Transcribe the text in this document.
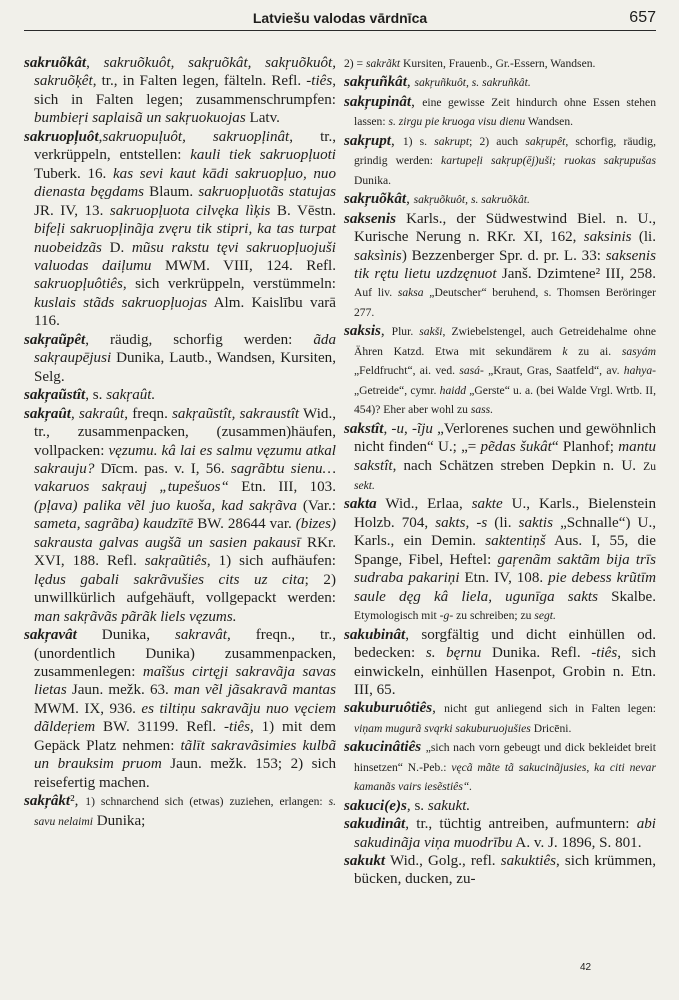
Latviešu valodas vārdnīca	657

sakruõkât, sakruõkuôt, sakŗuõkât, sakŗuõkuôt, sakruõķêt, tr., in Falten legen, fälteln. Refl. -tiês, sich in Falten legen; zusammenschrumpfen: bumbieŗi saplaisã un sakŗuokuojas Latv.

sakruopļuôt,sakruopuļuôt, sakruopļinât, tr., verkrüppeln, entstellen: kauli tiek sakruopļuoti Tuberk. 16. kas sevi kaut kādi sakruopļuo, nuo dienasta bęgdams Blaum. sakruopļuotãs statujas JR. IV, 13. sakruopļuota cilvęka lìķis B. Vēstn. bifeļi sakruopļinãja zvęru tik stipri, ka tas turpat nuobeidzãs D. mũsu rakstu tęvi sakruopļuojuši valuodas daiļumu MWM. VIII, 124. Refl. sakruopļuôtiês, sich verkrüppeln, verstümmeln: kuslais stãds sakruopļuojas Alm. Kaislību varā 116.

sakŗaũpêt, räudig, schorfig werden: ãda sakŗaupējusi Dunika, Lautb., Wandsen, Kursiten, Selg.

sakŗaũstît, s. sakŗaût.

sakŗaût, sakraût, freqn. sakŗaũstît, sakraustît Wid., tr., zusammenpacken, (zusammen)häufen, vollpacken: vęzumu. kâ lai es salmu vęzumu atkal sakrauju? Dīcm. pas. v. I, 56. sagrãbtu sienu… vakaruos sakŗauj „tupešuos“ Etn. III, 103. (pļava) palika vẽl juo kuoša, kad sakŗãva (Var.: sameta, sagrãba) kaudzītē BW. 28644 var. (bizes) sakrausta galvas augšã un sasien pakausī RKr. XVI, 188. Refl. sakŗaũtiês, 1) sich aufhäufen: lędus gabali sakrãvušies cits uz cita; 2) unwillkürlich aufgehäuft, vollgepackt werden: man sakŗãvãs pãrãk liels vęzums.

sakŗavât Dunika, sakravât, freqn., tr., (unordentlich Dunika) zusammenpacken, zusammenlegen: maĩšus cirtęji sakravãja savas lietas Jaun. mežk. 63. man vẽl jãsakravã mantas MWM. IX, 936. es tiltiņu sakravãju nuo vęciem dãldeŗiem BW. 31199. Refl. -tiês, 1) mit dem Gepäck Platz nehmen: tãlīt sakravãsimies kulbã un brauksim pruom Jaun. mežk. 153; 2) sich reisefertig machen.

sakŗâkt², 1) schnarchend sich (etwas) zuziehen, erlangen: s. savu nelaimi Dunika;

2) = sakrãkt Kursiten, Frauenb., Gr.-Essern, Wandsen.

sakŗuñkât, sakŗuñkuôt, s. sakruñkât.

sakŗupinât, eine gewisse Zeit hindurch ohne Essen stehen lassen: s. zirgu pie kruoga visu dienu Wandsen.

sakŗupt, 1) s. sakrupt; 2) auch sakŗupêt, schorfig, räudig, grindig werden: kartupeļi sakŗup(ēj)uši; ruokas sakŗupušas Dunika.

sakŗuõkât, sakŗuõkuôt, s. sakruõkât.

saksenis Karls., der Südwestwind Biel. n. U., Kurische Nerung n. RKr. XI, 162, saksinis (li. saksìnis) Bezzenberger Spr. d. pr. L. 33: saksenis tik rętu lietu uzdzęnuot Janš. Dzimtene² III, 258. Auf liv. saksa „Deutscher“ beruhend, s. Thomsen Beröringer 277.

saksis, Plur. sakši, Zwiebelstengel, auch Getreidehalme ohne Ähren Katzd. Etwa mit sekundärem k zu ai. sasyám „Feldfrucht“, ai. ved. sasá- „Kraut, Gras, Saatfeld“, av. hahya- „Getreide“, cymr. haidd „Gerste“ u. a. (bei Walde Vrgl. Wrtb. II, 454)? Eher aber wohl zu sass.

sakstît, -u, -ĩju „Verlorenes suchen und gewöhnlich nicht finden“ U.; „= pẽdas šukât“ Planhof; mantu sakstît, nach Schätzen streben Depkin n. U. Zu sekt.

sakta Wid., Erlaa, sakte U., Karls., Bielenstein Holzb. 704, sakts, -s (li. saktis „Schnalle“) U., Karls., ein Demin. saktentiņš Aus. I, 55, die Spange, Fibel, Heftel: gaŗenãm saktãm bija trīs sudraba pakariņi Etn. IV, 108. pie debess krũtīm saule dęg kâ liela, ugunīga sakts Skalbe. Etymologisch mit -g- zu schreiben; zu segt.

sakubinât, sorgfältig und dicht einhüllen od. bedecken: s. bęrnu Dunika. Refl. -tiês, sich einwickeln, einhüllen Hasenpot, Grobin n. Etn. III, 65.

sakuburuôtiês, nicht gut anliegend sich in Falten legen: viņam mugurã svąrki sakuburuojušies Dricēni.

sakucinâtiês „sich nach vorn gebeugt und dick bekleidet breit hinsetzen“ N.-Peb.: vęcã mãte tã sakucinãjusies, ka citi nevar kamanãs vairs iesẽstiês“.

sakuci(e)s, s. sakukt.

sakudinât, tr., tüchtig antreiben, aufmuntern: abi sakudinãja viņa muodrību A. v. J. 1896, S. 801.

sakukt Wid., Golg., refl. sakuktiês, sich krümmen, bücken, ducken, zu-

42
